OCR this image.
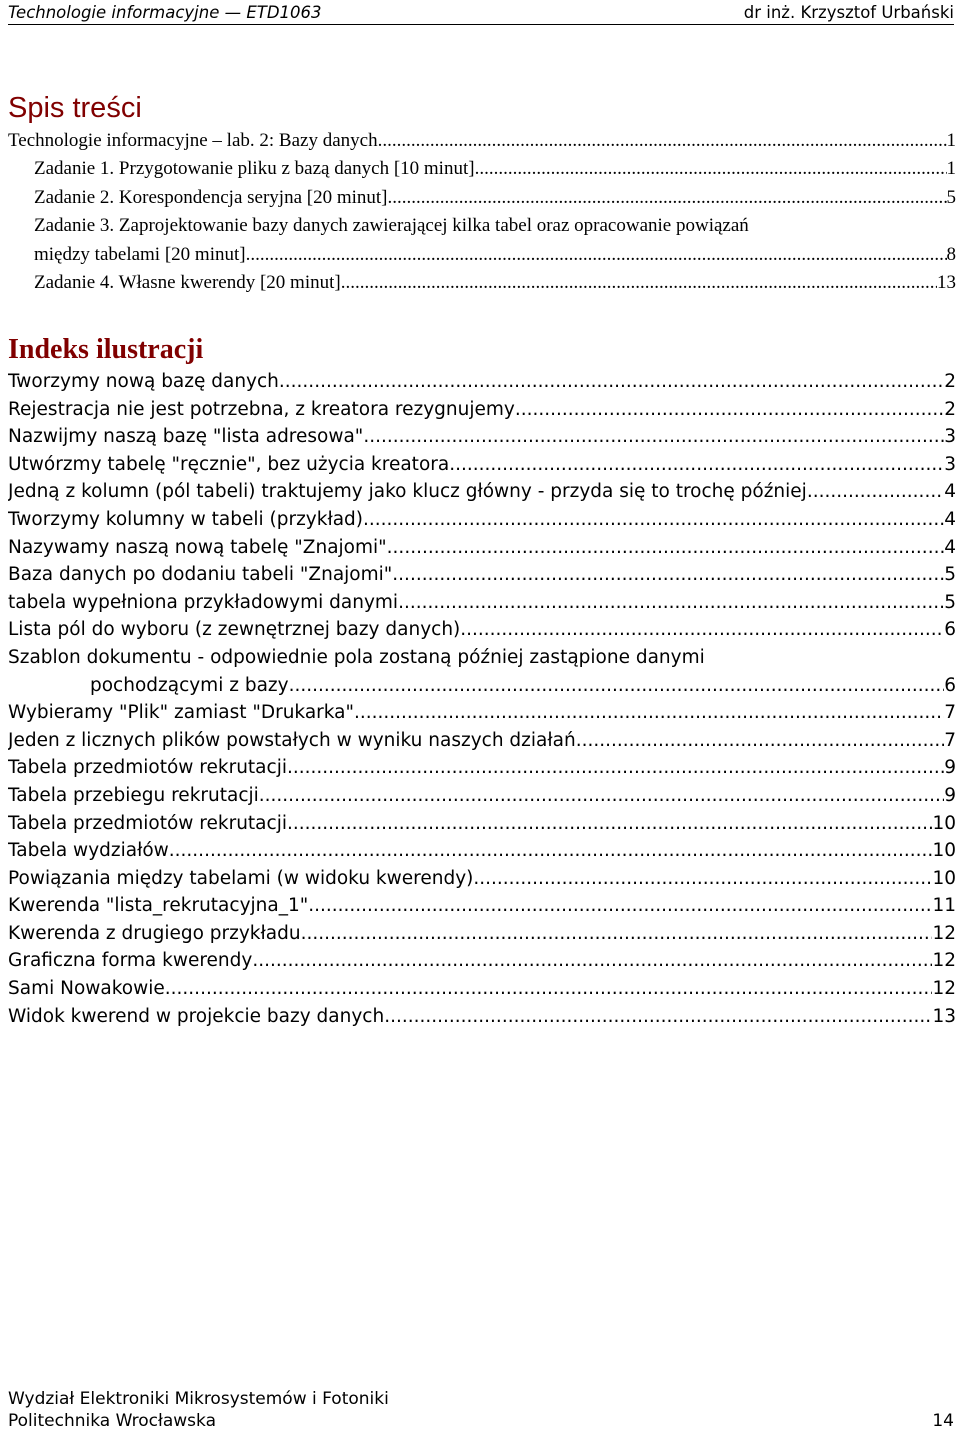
Technologie informacyjne — ETD1063	dr inż. Krzysztof Urbański
Spis treści
Technologie informacyjne – lab. 2: Bazy danych .....	1
Zadanie 1. Przygotowanie pliku z bazą danych [10 minut] .....	1
Zadanie 2. Korespondencja seryjna [20 minut] .....	5
Zadanie 3. Zaprojektowanie bazy danych zawierającej kilka tabel oraz opracowanie powiązań
między tabelami [20 minut] .....	8
Zadanie 4. Własne kwerendy [20 minut] .....	13
Indeks ilustracji
Tworzymy nową bazę danych .....	2
Rejestracja nie jest potrzebna, z kreatora rezygnujemy .....	2
Nazwijmy naszą bazę "lista adresowa" .....	3
Utwórzmy tabelę "ręcznie", bez użycia kreatora .....	3
Jedną z kolumn (pól tabeli) traktujemy jako klucz główny - przyda się to trochę później .....	4
Tworzymy kolumny w tabeli (przykład) .....	4
Nazywamy naszą nową tabelę "Znajomi" .....	4
Baza danych po dodaniu tabeli "Znajomi" .....	5
tabela wypełniona przykładowymi danymi .....	5
Lista pól do wyboru (z zewnętrznej bazy danych) .....	6
Szablon dokumentu - odpowiednie pola zostaną później zastąpione danymi
pochodzącymi z bazy .....	6
Wybieramy "Plik" zamiast "Drukarka" .....	7
Jeden z licznych plików powstałych w wyniku naszych działań .....	7
Tabela przedmiotów rekrutacji .....	9
Tabela przebiegu rekrutacji .....	9
Tabela przedmiotów rekrutacji .....	10
Tabela wydziałów .....	10
Powiązania między tabelami (w widoku kwerendy) .....	10
Kwerenda "lista_rekrutacyjna_1" .....	11
Kwerenda z drugiego przykładu .....	12
Graficzna forma kwerendy .....	12
Sami Nowakowie .....	12
Widok kwerend w projekcie bazy danych .....	13
Wydział Elektroniki Mikrosystemów i Fotoniki
Politechnika Wrocławska	14
